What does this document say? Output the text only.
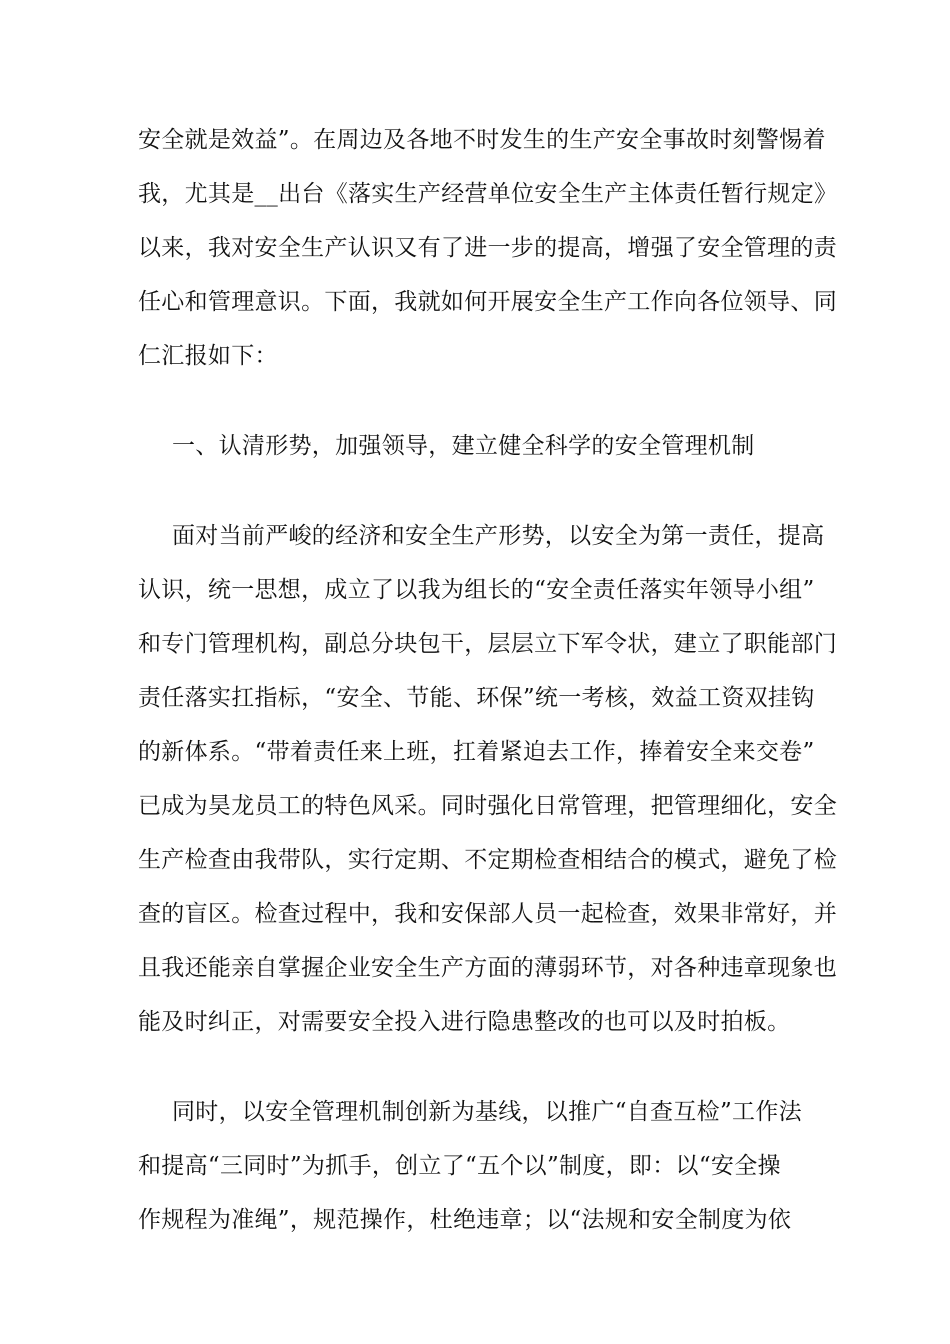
安全就是效益”。在周边及各地不时发生的生产安全事故时刻警惕着
我，尤其是__出台《落实生产经营单位安全生产主体责任暂行规定》
以来，我对安全生产认识又有了进一步的提高，增强了安全管理的责
任心和管理意识。下面，我就如何开展安全生产工作向各位领导、同
仁汇报如下：
一、认清形势，加强领导，建立健全科学的安全管理机制
面对当前严峻的经济和安全生产形势，以安全为第一责任，提高
认识，统一思想，成立了以我为组长的“安全责任落实年领导小组”
和专门管理机构，副总分块包干，层层立下军令状，建立了职能部门
责任落实扛指标，“安全、节能、环保”统一考核，效益工资双挂钩
的新体系。“带着责任来上班，扛着紧迫去工作，捧着安全来交卷”
已成为昊龙员工的特色风采。同时强化日常管理，把管理细化，安全
生产检查由我带队，实行定期、不定期检查相结合的模式，避免了检
查的盲区。检查过程中，我和安保部人员一起检查，效果非常好，并
且我还能亲自掌握企业安全生产方面的薄弱环节，对各种违章现象也
能及时纠正，对需要安全投入进行隐患整改的也可以及时拍板。
同时，以安全管理机制创新为基线，以推广“自查互检”工作法
和提高“三同时”为抓手，创立了“五个以”制度，即：以“安全操
作规程为准绳”，规范操作，杜绝违章；以“法规和安全制度为依
